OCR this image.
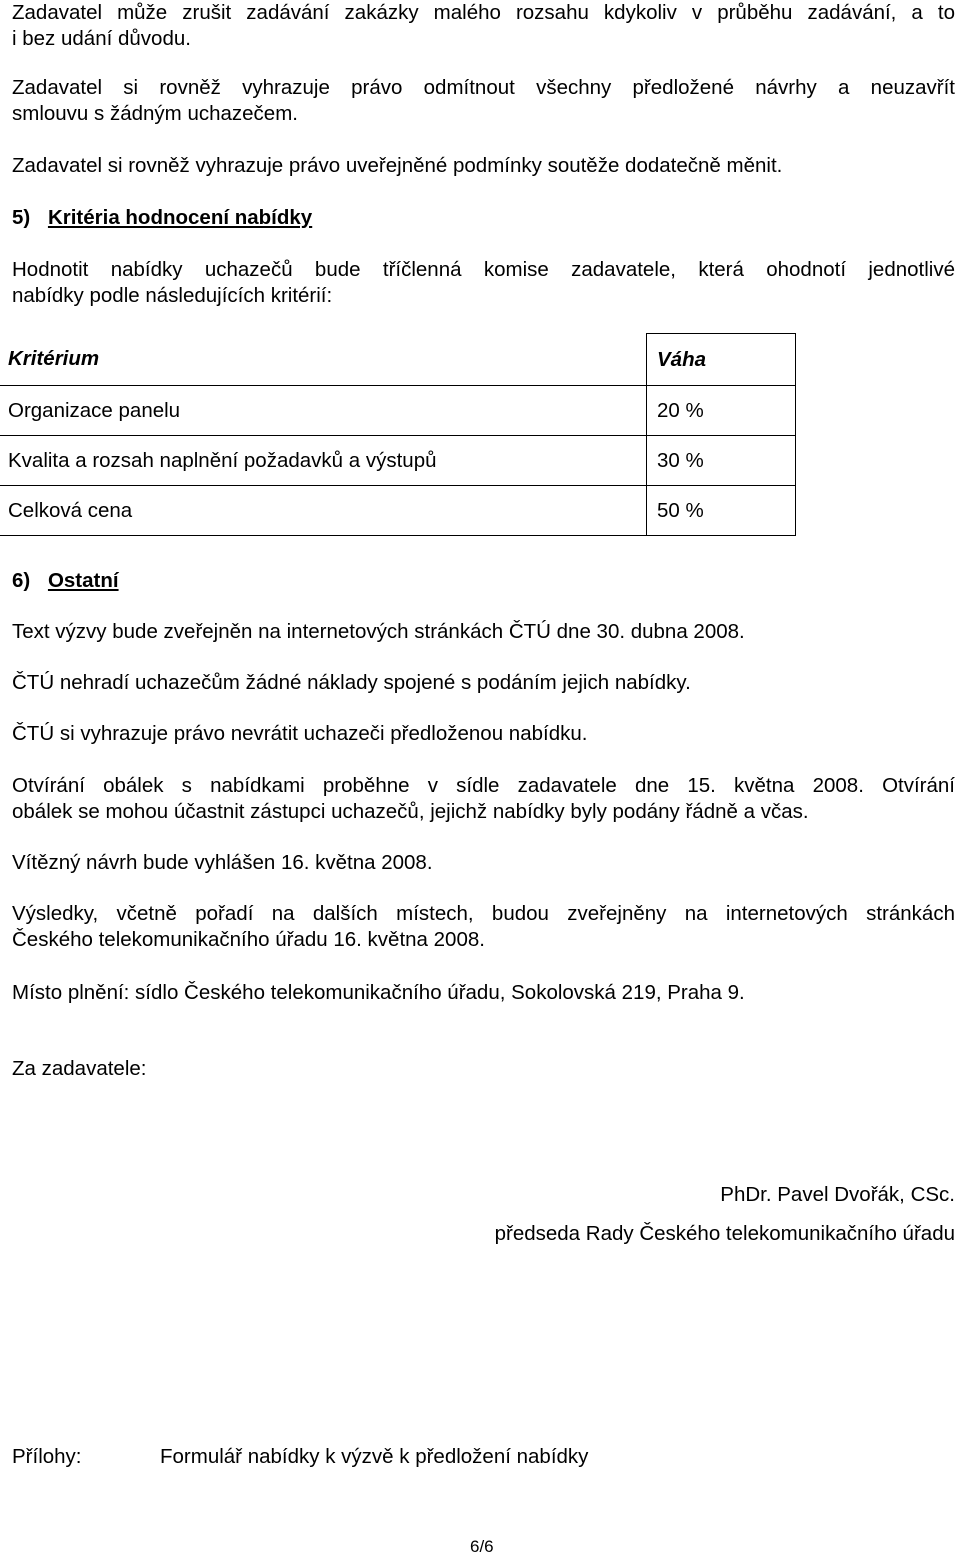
Zadavatel může zrušit zadávání zakázky malého rozsahu kdykoliv v průběhu zadávání, a to
i bez udání důvodu.
Zadavatel si rovněž vyhrazuje právo odmítnout všechny předložené návrhy a neuzavřít
smlouvu s žádným uchazečem.
Zadavatel si rovněž vyhrazuje právo uveřejněné podmínky soutěže dodatečně měnit.
5) Kritéria hodnocení nabídky
Hodnotit nabídky uchazečů bude tříčlenná komise zadavatele, která ohodnotí jednotlivé
nabídky podle následujících kritérií:
Kritérium	Váha
Organizace panelu	20 %
Kvalita a rozsah naplnění požadavků a výstupů	30 %
Celková cena	50 %
6) Ostatní
Text výzvy bude zveřejněn na internetových stránkách ČTÚ dne 30. dubna 2008.
ČTÚ nehradí uchazečům žádné náklady spojené s podáním jejich nabídky.
ČTÚ si vyhrazuje právo nevrátit uchazeči předloženou nabídku.
Otvírání obálek s nabídkami proběhne v sídle zadavatele dne 15. května 2008. Otvírání
obálek se mohou účastnit zástupci uchazečů, jejichž nabídky byly podány řádně a včas.
Vítězný návrh bude vyhlášen 16. května 2008.
Výsledky, včetně pořadí na dalších místech, budou zveřejněny na internetových stránkách
Českého telekomunikačního úřadu 16. května 2008.
Místo plnění: sídlo Českého telekomunikačního úřadu, Sokolovská 219, Praha 9.
Za zadavatele:
PhDr. Pavel Dvořák, CSc.
předseda Rady Českého telekomunikačního úřadu
Přílohy:	Formulář nabídky k výzvě k předložení nabídky
6/6
